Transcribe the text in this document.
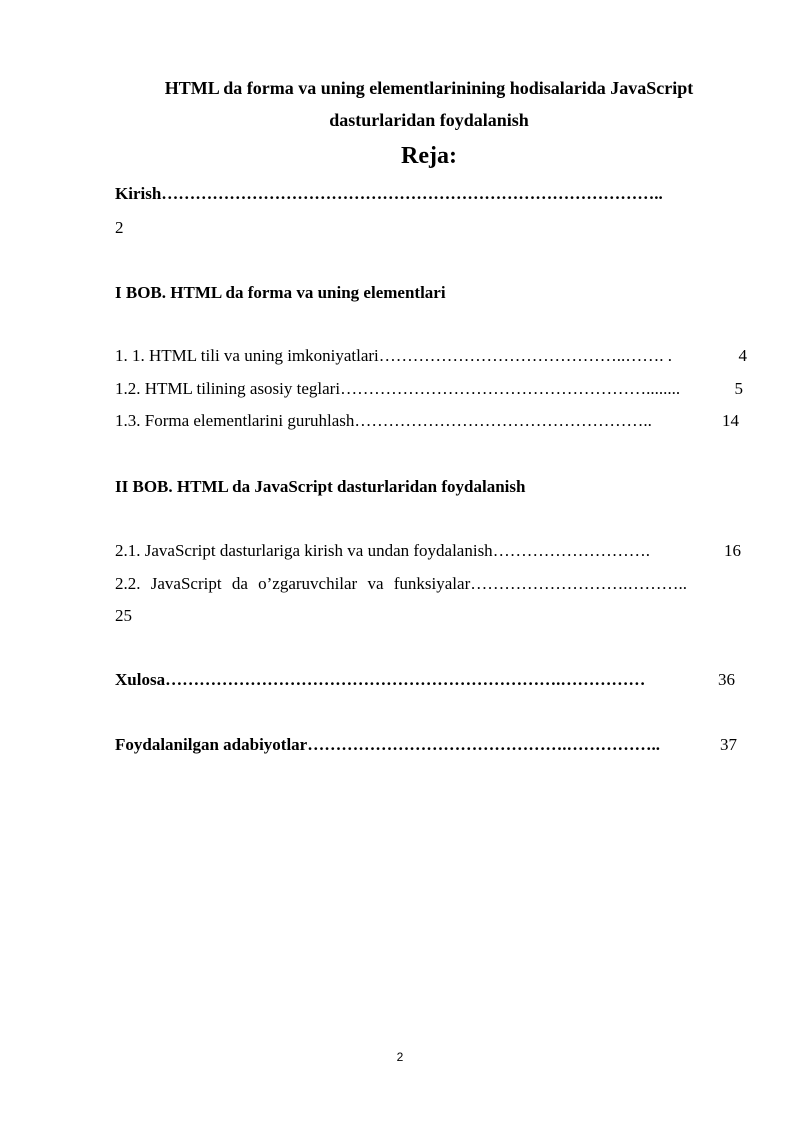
HTML da forma va uning elementlarinining hodisalarida JavaScript
dasturlaridan foydalanish
Reja:
Kirish……………………………………………………………………………..
2
I BOB. HTML da forma va uning elementlari
1. 1. HTML tili va uning imkoniyatlari ……………………………………..……. .	4
1.2. HTML tilining asosiy teglari ………………………………………………........	5
1.3. Forma elementlarini guruhlash ……………………………………………..	14
II BOB. HTML da JavaScript dasturlaridan foydalanish
2.1. JavaScript dasturlariga kirish va undan foydalanish ……………………….	16
2.2. JavaScript da o’zgaruvchilar va funksiyalar……………………….………..
25
Xulosa …………………………………………………………….……………	36
Foydalanilgan adabiyotlar ……………………………………….……………..	37
2
